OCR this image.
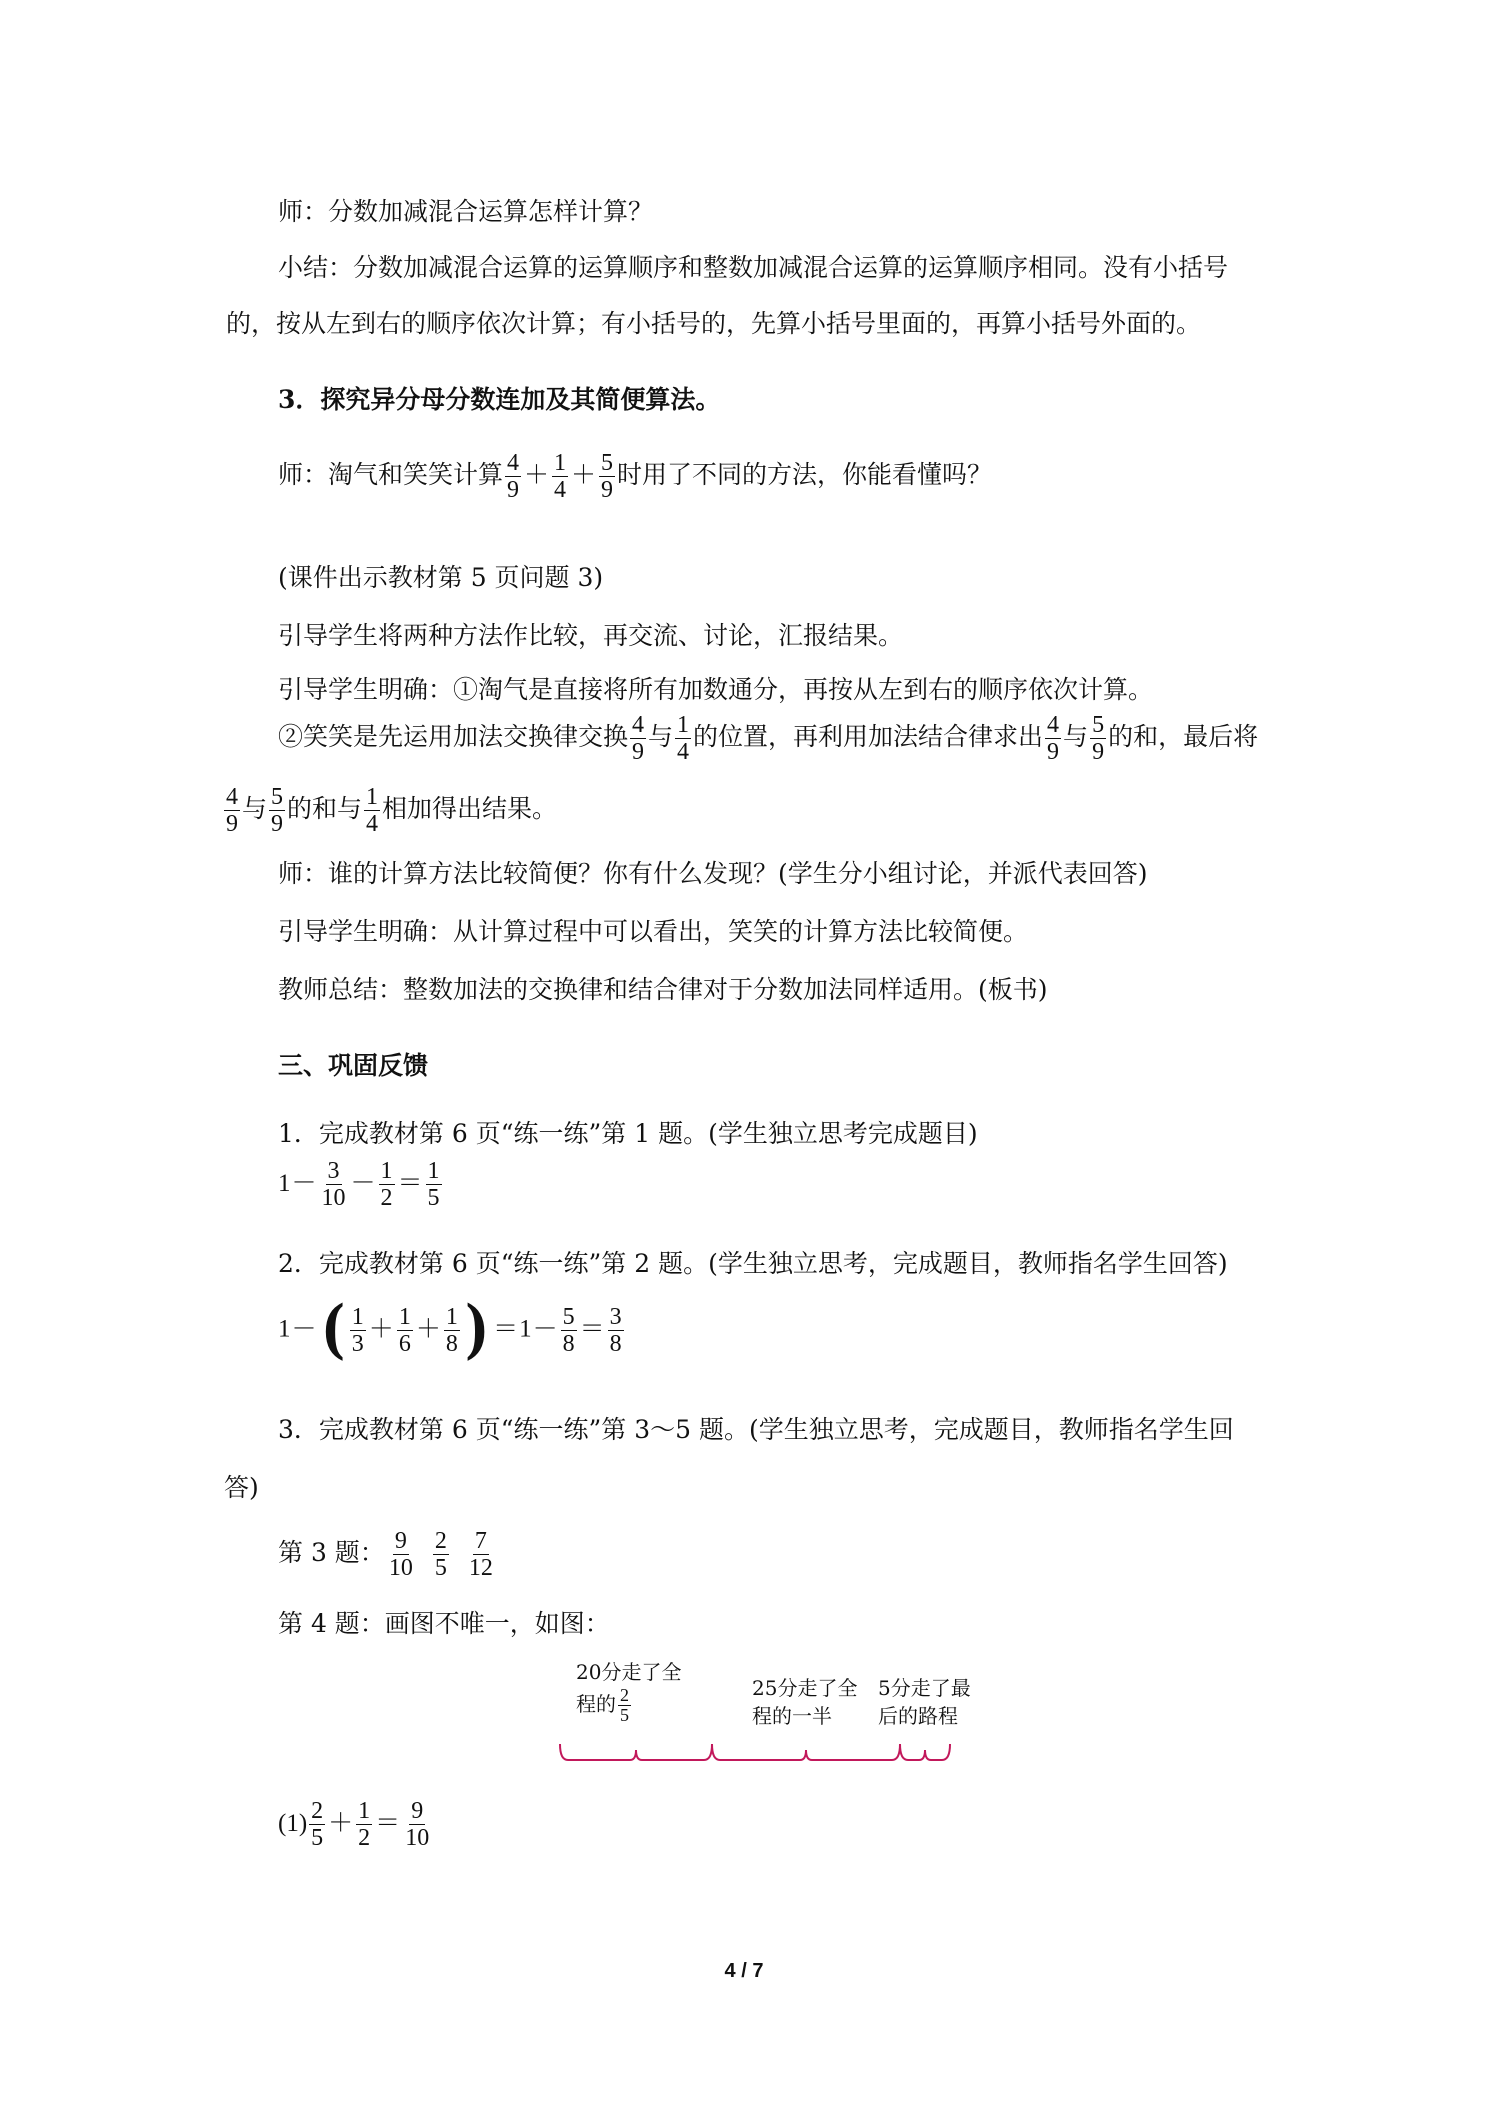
师：分数加减混合运算怎样计算？
小结：分数加减混合运算的运算顺序和整数加减混合运算的运算顺序相同。没有小括号
的，按从左到右的顺序依次计算；有小括号的，先算小括号里面的，再算小括号外面的。
3．探究异分母分数连加及其简便算法。
师：淘气和笑笑计算 $\frac{4}{9} + \frac{1}{4} + \frac{5}{9}$ 时用了不同的方法，你能看懂吗？
(课件出示教材第 5 页问题 3)
引导学生将两种方法作比较，再交流、讨论，汇报结果。
引导学生明确：①淘气是直接将所有加数通分，再按从左到右的顺序依次计算。
②笑笑是先运用加法交换律交换 $\frac{4}{9}$ 与 $\frac{1}{4}$ 的位置，再利用加法结合律求出 $\frac{4}{9}$ 与 $\frac{5}{9}$ 的和，最后将
$\frac{4}{9}$ 与 $\frac{5}{9}$ 的和与 $\frac{1}{4}$ 相加得出结果。
师：谁的计算方法比较简便？你有什么发现？(学生分小组讨论，并派代表回答)
引导学生明确：从计算过程中可以看出，笑笑的计算方法比较简便。
教师总结：整数加法的交换律和结合律对于分数加法同样适用。(板书)
三、巩固反馈
1．完成教材第 6 页“练一练”第 1 题。(学生独立思考完成题目)
$1- \frac{3}{10} - \frac{1}{2} = \frac{1}{5}$
2．完成教材第 6 页“练一练”第 2 题。(学生独立思考，完成题目，教师指名学生回答)
$1-( \frac{1}{3} + \frac{1}{6} + \frac{1}{8}$ ) $=1- \frac{5}{8} = \frac{3}{8}$
3．完成教材第 6 页“练一练”第 3～5 题。(学生独立思考，完成题目，教师指名学生回
答)
第 3 题： $\frac{9}{10} \frac{2}{5} \frac{7}{12}$
第 4 题：画图不唯一，如图：
20分走了全
程的 $\frac{2}{5}$	25分走了全
程的一半
5分走了最
后的路程
$(1) \frac{2}{5} + \frac{1}{2} = \frac{9}{10}$
4 / 7
